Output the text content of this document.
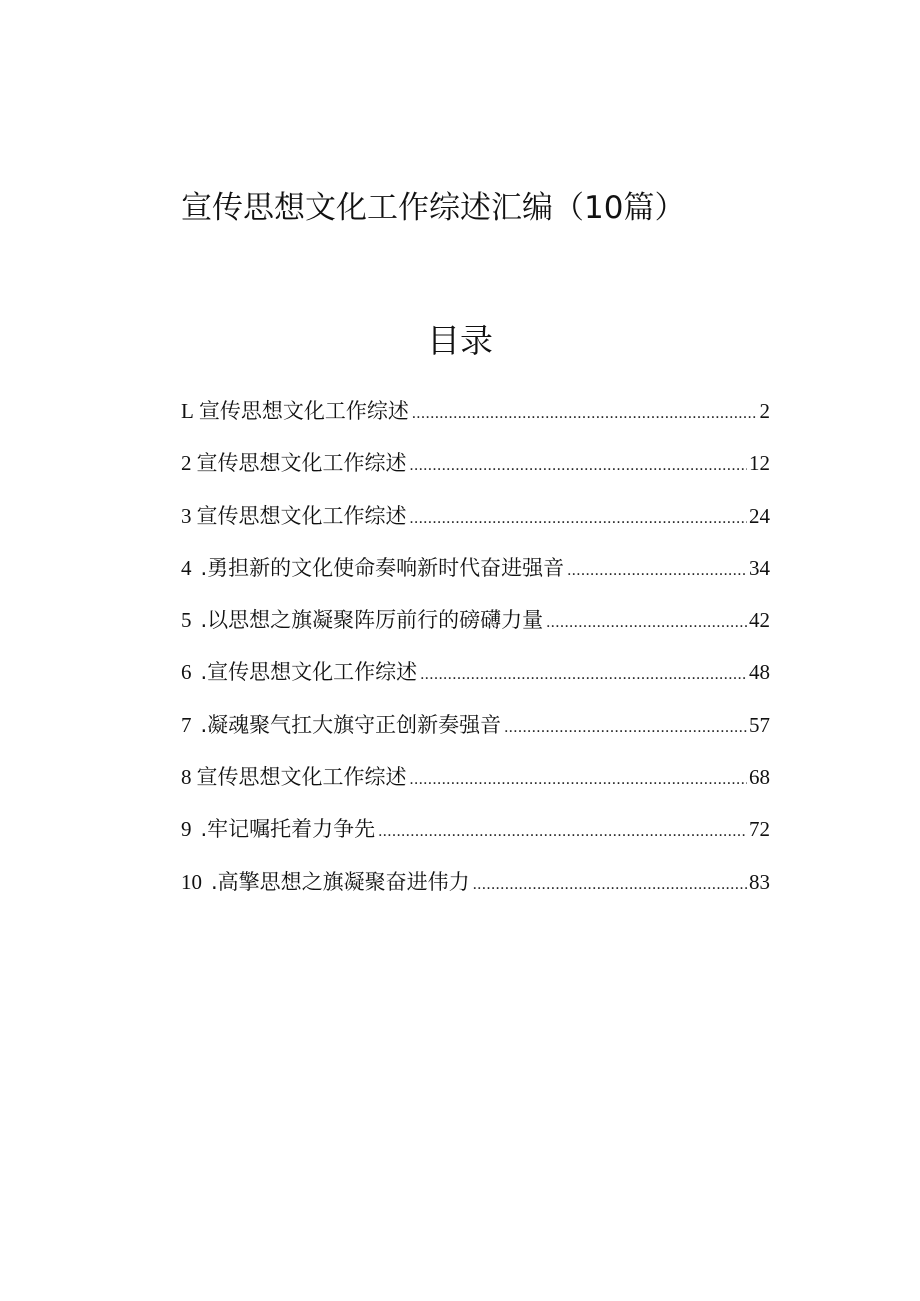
宣传思想文化工作综述汇编（10篇）
目录
L 宣传思想文化工作综述 .....	2
2 宣传思想文化工作综述 .....	12
3 宣传思想文化工作综述 .....	24
4 .勇担新的文化使命奏响新时代奋进强音 .....	34
5 .以思想之旗凝聚阵厉前行的磅礴力量 .....	42
6 .宣传思想文化工作综述 .....	48
7 .凝魂聚气扛大旗守正创新奏强音 .....	57
8 宣传思想文化工作综述 .....	68
9 .牢记嘱托着力争先 .....	72
10 .高擎思想之旗凝聚奋进伟力 .....	83
